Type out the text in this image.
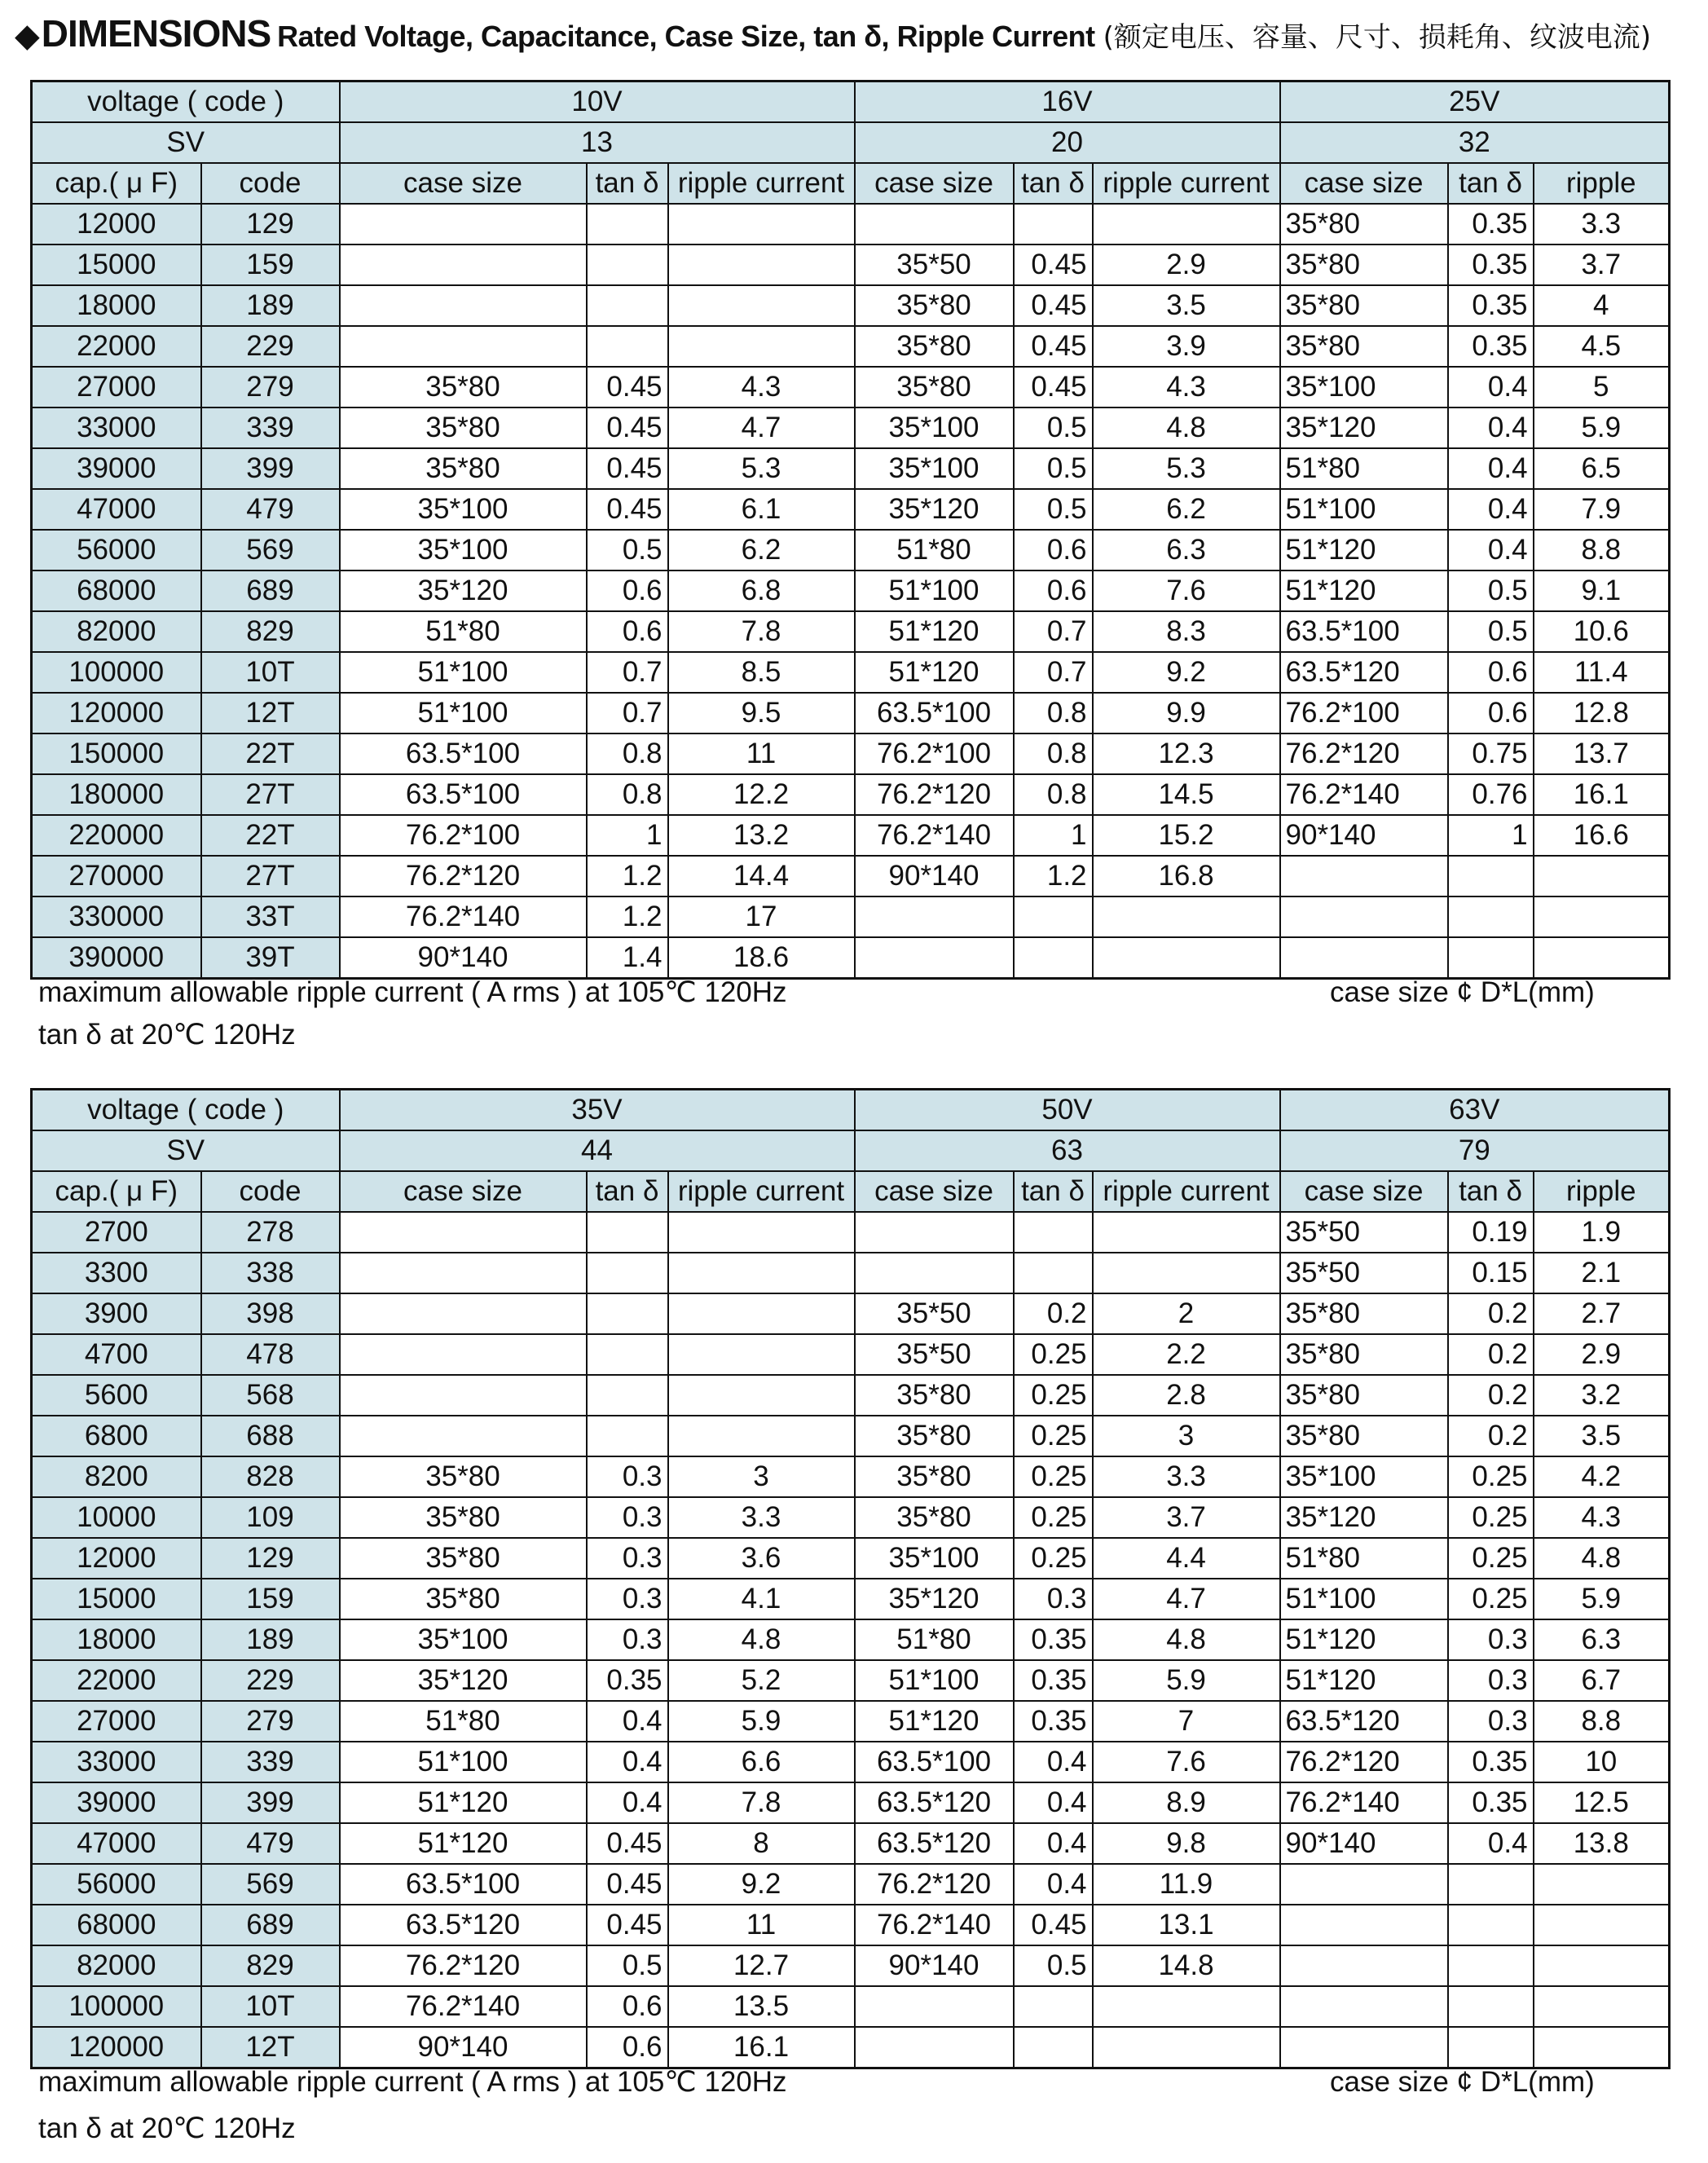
◆ DIMENSIONS Rated Voltage, Capacitance, Case Size, tan δ, Ripple Current (额定电压、容量、尺寸、损耗角、纹波电流)
voltage ( code )		10V			16V			25V		
SV		13			20			32		
cap.( μ F)	code	case size	tan δ	ripple current	case size	tan δ	ripple current	case size	tan δ	ripple
12000	129							35*80	0.35	3.3
15000	159				35*50	0.45	2.9	35*80	0.35	3.7
18000	189				35*80	0.45	3.5	35*80	0.35	4
22000	229				35*80	0.45	3.9	35*80	0.35	4.5
27000	279	35*80	0.45	4.3	35*80	0.45	4.3	35*100	0.4	5
33000	339	35*80	0.45	4.7	35*100	0.5	4.8	35*120	0.4	5.9
39000	399	35*80	0.45	5.3	35*100	0.5	5.3	51*80	0.4	6.5
47000	479	35*100	0.45	6.1	35*120	0.5	6.2	51*100	0.4	7.9
56000	569	35*100	0.5	6.2	51*80	0.6	6.3	51*120	0.4	8.8
68000	689	35*120	0.6	6.8	51*100	0.6	7.6	51*120	0.5	9.1
82000	829	51*80	0.6	7.8	51*120	0.7	8.3	63.5*100	0.5	10.6
100000	10T	51*100	0.7	8.5	51*120	0.7	9.2	63.5*120	0.6	11.4
120000	12T	51*100	0.7	9.5	63.5*100	0.8	9.9	76.2*100	0.6	12.8
150000	22T	63.5*100	0.8	11	76.2*100	0.8	12.3	76.2*120	0.75	13.7
180000	27T	63.5*100	0.8	12.2	76.2*120	0.8	14.5	76.2*140	0.76	16.1
220000	22T	76.2*100	1	13.2	76.2*140	1	15.2	90*140	1	16.6
270000	27T	76.2*120	1.2	14.4	90*140	1.2	16.8			
330000	33T	76.2*140	1.2	17						
390000	39T	90*140	1.4	18.6						
maximum allowable ripple current ( A rms ) at 105℃ 120Hz	case size ¢ D*L(mm)
tan δ at 20℃ 120Hz
voltage ( code )		35V			50V			63V		
SV		44			63			79		
cap.( μ F)	code	case size	tan δ	ripple current	case size	tan δ	ripple current	case size	tan δ	ripple
2700	278							35*50	0.19	1.9
3300	338							35*50	0.15	2.1
3900	398				35*50	0.2	2	35*80	0.2	2.7
4700	478				35*50	0.25	2.2	35*80	0.2	2.9
5600	568				35*80	0.25	2.8	35*80	0.2	3.2
6800	688				35*80	0.25	3	35*80	0.2	3.5
8200	828	35*80	0.3	3	35*80	0.25	3.3	35*100	0.25	4.2
10000	109	35*80	0.3	3.3	35*80	0.25	3.7	35*120	0.25	4.3
12000	129	35*80	0.3	3.6	35*100	0.25	4.4	51*80	0.25	4.8
15000	159	35*80	0.3	4.1	35*120	0.3	4.7	51*100	0.25	5.9
18000	189	35*100	0.3	4.8	51*80	0.35	4.8	51*120	0.3	6.3
22000	229	35*120	0.35	5.2	51*100	0.35	5.9	51*120	0.3	6.7
27000	279	51*80	0.4	5.9	51*120	0.35	7	63.5*120	0.3	8.8
33000	339	51*100	0.4	6.6	63.5*100	0.4	7.6	76.2*120	0.35	10
39000	399	51*120	0.4	7.8	63.5*120	0.4	8.9	76.2*140	0.35	12.5
47000	479	51*120	0.45	8	63.5*120	0.4	9.8	90*140	0.4	13.8
56000	569	63.5*100	0.45	9.2	76.2*120	0.4	11.9			
68000	689	63.5*120	0.45	11	76.2*140	0.45	13.1			
82000	829	76.2*120	0.5	12.7	90*140	0.5	14.8			
100000	10T	76.2*140	0.6	13.5						
120000	12T	90*140	0.6	16.1						
maximum allowable ripple current ( A rms ) at 105℃ 120Hz	case size ¢ D*L(mm)
tan δ at 20℃ 120Hz
